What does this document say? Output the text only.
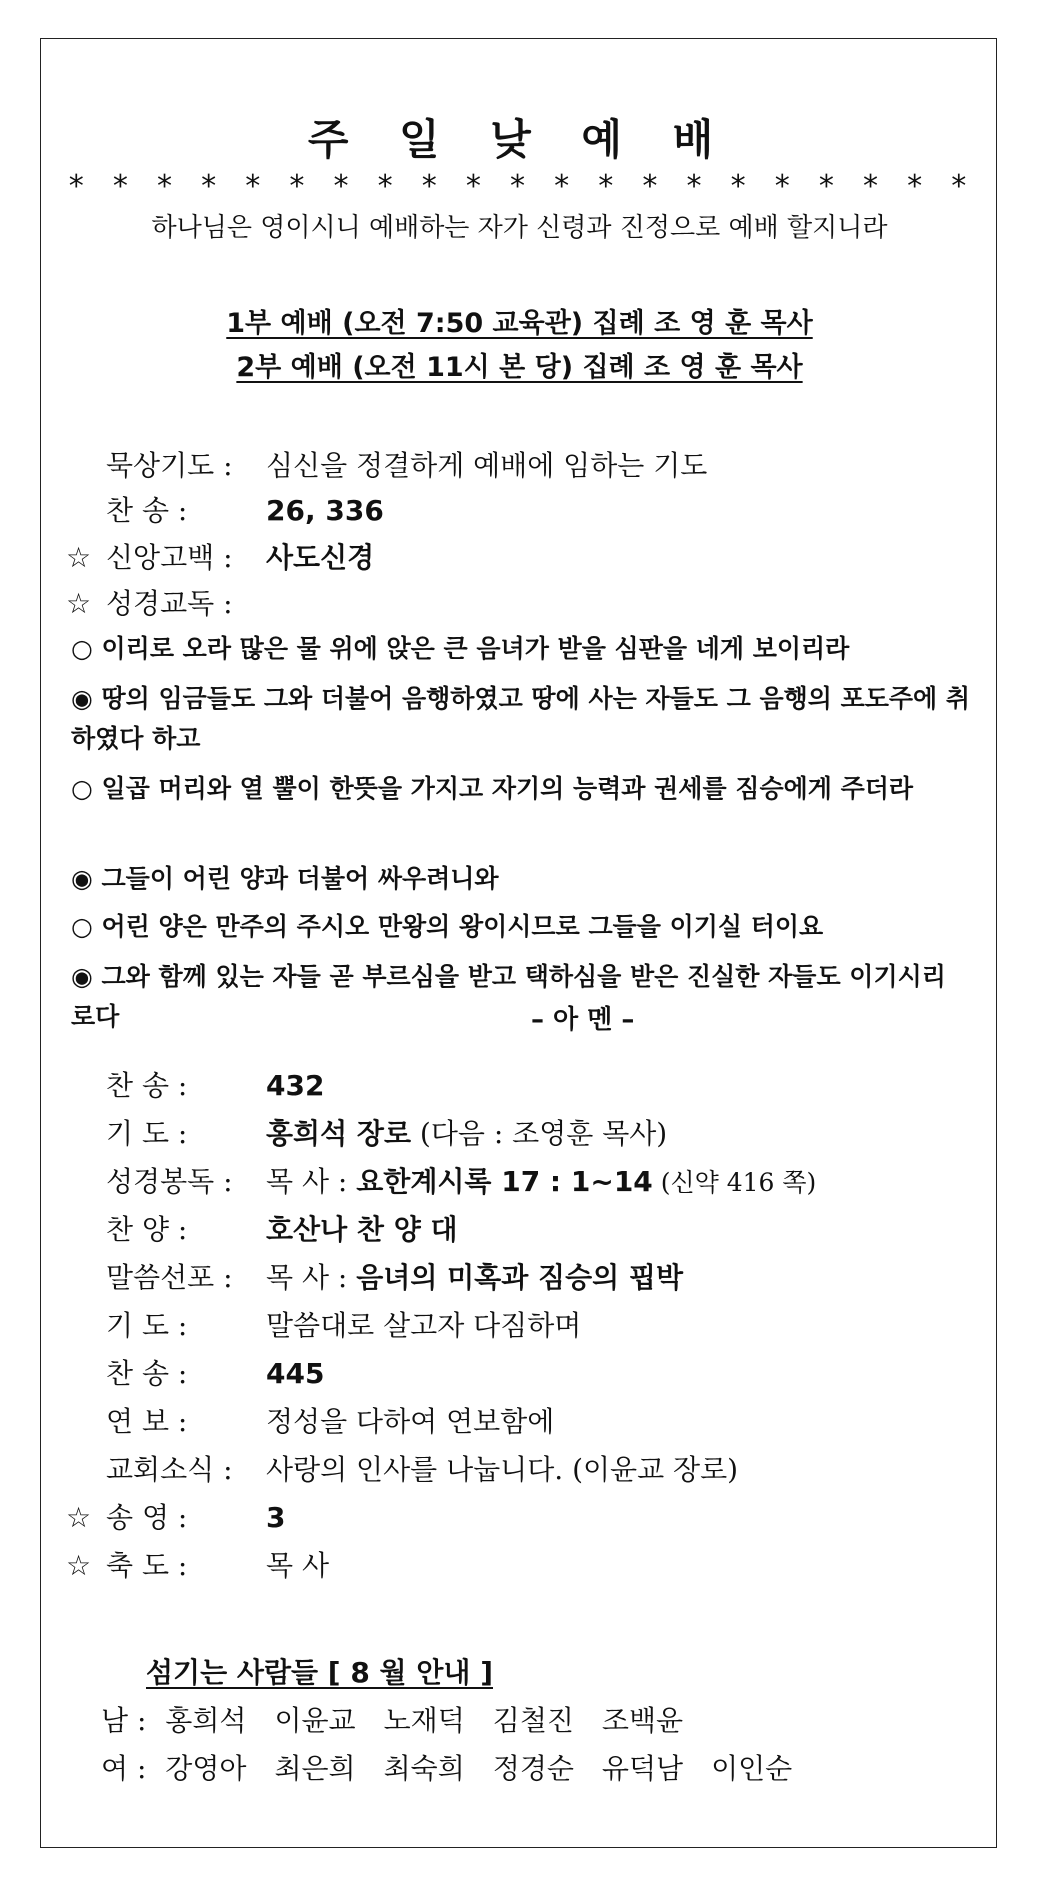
주 일 낮 예 배
* * * * * * * * * * * * * * * * * * * * *
하나님은 영이시니 예배하는 자가 신령과 진정으로 예배 할지니라
1부 예배 (오전 7:50 교육관) 집례 조 영 훈 목사
2부 예배 (오전 11시 본 당) 집례 조 영 훈 목사
묵상기도 : 심신을 정결하게 예배에 임하는 기도
찬 송 :	26, 336
☆ 신앙고백 : 사도신경
☆ 성경교독 :
○ 이리로 오라 많은 물 위에 앉은 큰 음녀가 받을 심판을 네게 보이리라
◉ 땅의 임금들도 그와 더불어 음행하였고 땅에 사는 자들도 그 음행의 포도주에 취하였다 하고
○ 일곱 머리와 열 뿔이 한뜻을 가지고 자기의 능력과 권세를 짐승에게 주더라
◉ 그들이 어린 양과 더불어 싸우려니와
○ 어린 양은 만주의 주시오 만왕의 왕이시므로 그들을 이기실 터이요
◉ 그와 함께 있는 자들 곧 부르심을 받고 택하심을 받은 진실한 자들도 이기시리로다	– 아 멘 –
찬 송 :	432
기 도 :	홍희석 장로 (다음 : 조영훈 목사)
성경봉독 : 목 사 : 요한계시록 17 : 1~14 (신약 416 쪽)
찬 양 :	호산나 찬 양 대
말씀선포 : 목 사 : 음녀의 미혹과 짐승의 핍박
기 도 :	말씀대로 살고자 다짐하며
찬 송 :	445
연 보 :	정성을 다하여 연보함에
교회소식 : 사랑의 인사를 나눕니다. (이윤교 장로)
☆ 송 영 :	3
☆ 축 도 :	목 사
섬기는 사람들 [ 8 월 안내 ]
남 : 홍희석 이윤교 노재덕 김철진 조백윤
여 : 강영아 최은희 최숙희 정경순 유덕남 이인순
